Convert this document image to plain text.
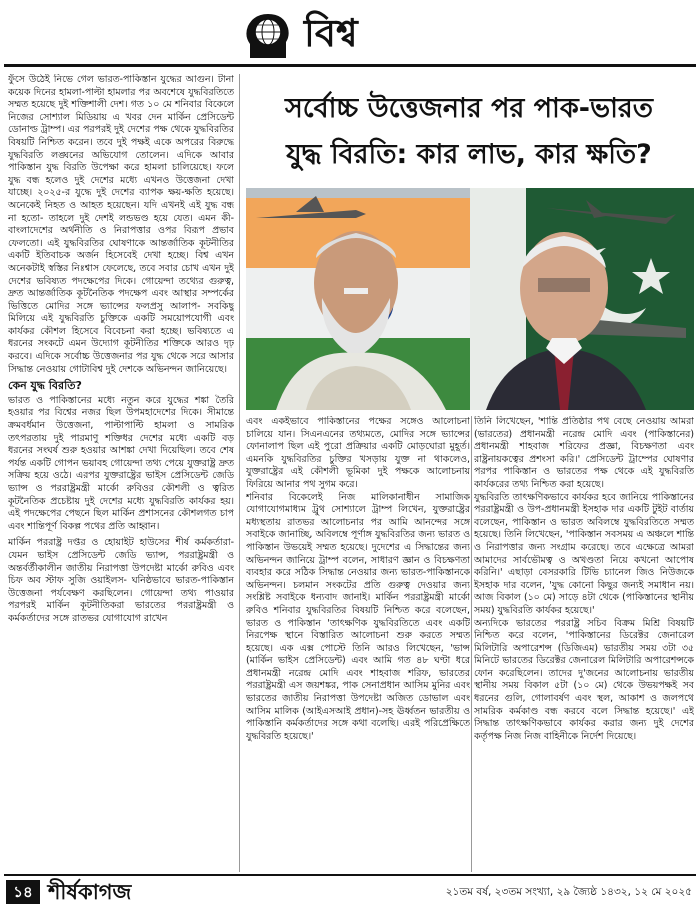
বিশ্ব

ফুঁসে উঠেই নিভে গেল ভারত-পাকিস্তান যুদ্ধের আগুন। টানা কয়েক দিনের হামলা-পাল্টা হামলার পর অবশেষে যুদ্ধবিরতিতে সম্মত হয়েছে দুই শক্তিশালী দেশ। গত ১০ মে শনিবার বিকেলে নিজের সোশ্যাল মিডিয়ায় এ খবর দেন মার্কিন প্রেসিডেন্ট ডোনাল্ড ট্রাম্প। এর পরপরই দুই দেশের পক্ষ থেকে যুদ্ধবিরতির বিষয়টি নিশ্চিত করেন। তবে দুই পক্ষই একে অপরের বিরুদ্ধে যুদ্ধবিরতি লঙ্ঘনের অভিযোগ তোলেন। এদিকে আবার পাকিস্তান যুদ্ধ বিরতি উপেক্ষা করে হামলা চালিয়েছে। ফলে যুদ্ধ বন্ধ হলেও দুই দেশের মধ্যে এখনও উত্তেজনা দেখা যাচ্ছে। ২০২৫-র যুদ্ধে দুই দেশের ব্যাপক ক্ষয়-ক্ষতি হয়েছে। অনেকেই নিহত ও আহত হয়েছেন। যদি এখনই এই যুদ্ধ বন্ধ না হতো- তাহলে দুই দেশই লন্ডভণ্ড হয়ে যেত। এমন কী- বাংলাদেশের অর্থনীতি ও নিরাপত্তার ওপর বিরূপ প্রভাব ফেলতো। এই যুদ্ধবিরতির ঘোষণাকে আন্তর্জাতিক কূটনীতির একটি ইতিবাচক অর্জন হিসেবেই দেখা হচ্ছে। বিশ্ব এখন অনেকটাই স্বস্তির নিঃশ্বাস ফেলেছে, তবে সবার চোখ এখন দুই দেশের ভবিষ্যত পদক্ষেপের দিকে। গোয়েন্দা তথ্যের গুরুত্ব, দ্রুত আন্তর্জাতিক কূটনৈতিক পদক্ষেপ এবং আস্থার সম্পর্কের ভিত্তিতে মোদির সঙ্গে ভ্যান্সের ফলপ্রসু আলাপ- সবকিছু মিলিয়ে এই যুদ্ধবিরতি চুক্তিকে একটি সময়োপযোগী এবং কার্যকর কৌশল হিসেবে বিবেচনা করা হচ্ছে। ভবিষ্যতে এ ধরনের সংকটে এমন উদ্যোগ কূটনীতির শক্তিকে আরও দৃঢ় করবে। এদিকে সর্বোচ্চ উত্তেজনার পর যুদ্ধ থেকে সরে আসার সিদ্ধান্ত নেওয়ায় গোটাবিশ্ব দুই দেশকে অভিনন্দন জানিয়েছে।

কেন যুদ্ধ বিরতি?

ভারত ও পাকিস্তানের মধ্যে নতুন করে যুদ্ধের শঙ্কা তৈরি হওয়ার পর বিশ্বের নজর ছিল উপমহাদেশের দিকে। সীমান্তে ক্রমবর্ধমান উত্তেজনা, পাল্টাপাল্টি হামলা ও সামরিক তৎপরতায় দুই পারমাণু শক্তিধর দেশের মধ্যে একটি বড় ধরনের সংঘর্ষ শুরু হওয়ার আশঙ্কা দেখা দিয়েছিল। তবে শেষ পর্যন্ত একটি গোপন ভয়াবহ গোয়েন্দা তথ্য পেয়ে যুক্তরাষ্ট্র দ্রুত সক্রিয় হয়ে ওঠে। এরপর যুক্তরাষ্ট্রের ভাইস প্রেসিডেন্ট জেডি ভ্যান্স ও পররাষ্ট্রমন্ত্রী মার্কো রুবিওর কৌশলী ও ত্বরিত কূটনৈতিক প্রচেষ্টায় দুই দেশের মধ্যে যুদ্ধবিরতি কার্যকর হয়। এই পদক্ষেপের পেছনে ছিল মার্কিন প্রশাসনের কৌশলগত চাপ এবং শান্তিপূর্ণ বিকল্প পথের প্রতি আহ্বান।

মার্কিন পররাষ্ট্র দপ্তর ও হোয়াইট হাউসের শীর্ষ কর্মকর্তারা- যেমন ভাইস প্রেসিডেন্ট জেডি ভ্যান্স, পররাষ্ট্রমন্ত্রী ও অন্তর্বর্তীকালীন জাতীয় নিরাপত্তা উপদেষ্টা মার্কো রুবিও এবং চিফ অব স্টাফ সুজি ওয়াইলস- ঘনিষ্ঠভাবে ভারত-পাকিস্তান উত্তেজনা পর্যবেক্ষণ করছিলেন। গোয়েন্দা তথ্য পাওয়ার পরপরই মার্কিন কূটনীতিকরা ভারতের পররাষ্ট্রমন্ত্রী ও কর্মকর্তাদের সঙ্গে রাতভর যোগাযোগ রাখেন

সর্বোচ্চ উত্তেজনার পর পাক-ভারত
যুদ্ধ বিরতি: কার লাভ, কার ক্ষতি?

এবং একইভাবে পাকিস্তানের পক্ষের সঙ্গেও আলোচনা চালিয়ে যান। সিএনএনের তথ্যমতে, মোদির সঙ্গে ভ্যান্সের ফোনালাপ ছিল এই পুরো প্রক্রিয়ার একটি মোড়ঘোরা মুহূর্ত। এমনকি যুদ্ধবিরতির চুক্তির খসড়ায় যুক্ত না থাকলেও, যুক্তরাষ্ট্রের এই কৌশলী ভূমিকা দুই পক্ষকে আলোচনায় ফিরিয়ে আনার পথ সুগম করে।

শনিবার বিকেলেই নিজ মালিকানাধীন সামাজিক যোগাযোগমাধ্যম ট্রুথ সোশ্যালে ট্রাম্প লিখেন, যুক্তরাষ্ট্রের মধ্যস্থতায় রাতভর আলোচনার পর আমি আনন্দের সঙ্গে সবাইকে জানাচ্ছি, অবিলম্বে পূর্ণাঙ্গ যুদ্ধবিরতির জন্য ভারত ও পাকিস্তান উভয়েই সম্মত হয়েছে। দুদেশের এ সিদ্ধান্তের জন্য অভিনন্দন জানিয়ে ট্রাম্প বলেন, সাধারণ জ্ঞান ও বিচক্ষণতা ব্যবহার করে সঠিক সিদ্ধান্ত নেওয়ার জন্য ভারত-পাকিস্তানকে অভিনন্দন। চলমান সংকটের প্রতি গুরুত্ব দেওয়ার জন্য সংশ্লিষ্ট সবাইকে ধন্যবাদ জানাই। মার্কিন পররাষ্ট্রমন্ত্রী মার্কো রুবিও শনিবার যুদ্ধবিরতির বিষয়টি নিশ্চিত করে বলেছেন, ভারত ও পাকিস্তান 'তাৎক্ষণিক যুদ্ধবিরতিতে এবং একটি নিরপেক্ষ স্থানে বিস্তারিত আলোচনা শুরু করতে সম্মত হয়েছে। এক এক্স পোস্টে তিনি আরও লিখেছেন, 'ভান্স (মার্কিন ভাইস প্রেসিডেন্ট) এবং আমি গত ৪৮ ঘণ্টা ধরে প্রধানমন্ত্রী নরেন্দ্র মোদি এবং শাহবাজ শরিফ, ভারতের পররাষ্ট্রমন্ত্রী এস জয়শঙ্কর, পাক সেনাপ্রধান আসিম মুনির এবং ভারতের জাতীয় নিরাপত্তা উপদেষ্টা অজিত ডোভাল এবং আসিম মালিক (আইএসআই প্রধান)-সহ ঊর্ধ্বতন ভারতীয় ও পাকিস্তানি কর্মকর্তাদের সঙ্গে কথা বলেছি। এরই পরিপ্রেক্ষিতে যুদ্ধবিরতি হয়েছে।'

তিনি লিখেছেন, 'শান্তি প্রতিষ্ঠার পথ বেছে নেওয়ায় আমরা (ভারতের) প্রধানমন্ত্রী নরেন্দ্র মোদি এবং (পাকিস্তানের) প্রধানমন্ত্রী শাহবাজ শরিফের প্রজ্ঞা, বিচক্ষণতা এবং রাষ্ট্রনায়কত্বের প্রশংসা করি।' প্রেসিডেন্ট ট্রাম্পের ঘোষণার পরপর পাকিস্তান ও ভারতের পক্ষ থেকে এই যুদ্ধবিরতি কার্যকরের তথ্য নিশ্চিত করা হয়েছে।

যুদ্ধবিরতি তাৎক্ষণিকভাবে কার্যকর হবে জানিয়ে পাকিস্তানের পররাষ্ট্রমন্ত্রী ও উপ-প্রধানমন্ত্রী ইসহাক দার একটি টুইট বার্তায় বলেছেন, পাকিস্তান ও ভারত অবিলম্বে যুদ্ধবিরতিতে সম্মত হয়েছে। তিনি লিখেছেন, 'পাকিস্তান সবসময় এ অঞ্চলে শান্তি ও নিরাপত্তার জন্য সংগ্রাম করেছে। তবে এক্ষেত্রে আমরা আমাদের সার্বভৌমত্ব ও অখণ্ডতা নিয়ে কখনো আপোষ করিনি।' এছাড়া বেসরকারি টিভি চ্যানেল জিও নিউজকে ইসহাক দার বলেন, 'যুদ্ধ কোনো কিছুর জন্যই সমাধান নয়। আজ বিকাল (১০ মে) সাড়ে ৪টা থেকে (পাকিস্তানের স্থানীয় সময়) যুদ্ধবিরতি কার্যকর হয়েছে।'

অন্যদিকে ভারতের পররাষ্ট্র সচিব বিক্রম মিশ্রি বিষয়টি নিশ্চিত করে বলেন, 'পাকিস্তানের ডিরেক্টর জেনারেল মিলিটারি অপারেশন্স (ডিজিএম) ভারতীয় সময় ৩টা ৩৫ মিনিটে ভারতের ডিরেক্টর জেনারেল মিলিটারি অপারেশন্সকে ফোন করেছিলেন। তাদের দু'জনের আলোচনায় ভারতীয় স্থানীয় সময় বিকাল ৫টা (১০ মে) থেকে উভয়পক্ষই সব ধরনের গুলি, গোলাবর্ষণ এবং স্থল, আকাশ ও জলপথে সামরিক কর্মকাণ্ড বন্ধ করবে বলে সিদ্ধান্ত হয়েছে।' এই সিদ্ধান্ত তাৎক্ষণিকভাবে কার্যকর করার জন্য দুই দেশের কর্তৃপক্ষ নিজ নিজ বাহিনীকে নির্দেশ দিয়েছে।

১৪ শীর্ষকাগজ	২১তম বর্ষ, ২৩তম সংখ্যা, ২৯ জ্যৈষ্ঠ ১৪৩২, ১২ মে ২০২৫
